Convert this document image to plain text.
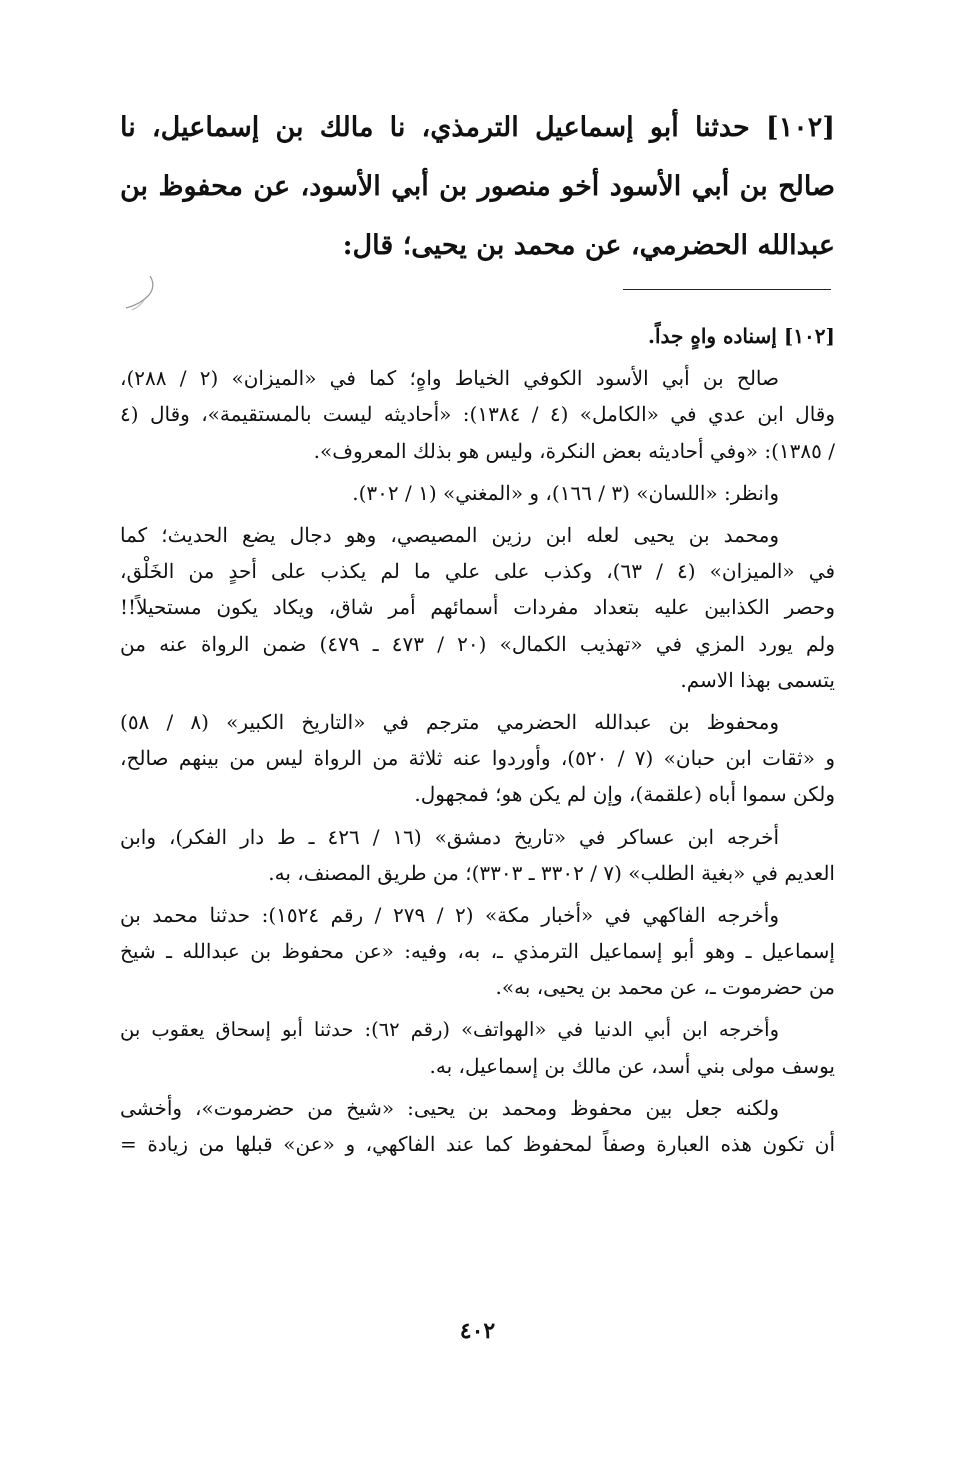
[١٠٢] حدثنا أبو إسماعيل الترمذي، نا مالك بن إسماعيل، نا
صالح بن أبي الأسود أخو منصور بن أبي الأسود، عن محفوظ بن
عبدالله الحضرمي، عن محمد بن يحيى؛ قال:

[١٠٢] إسناده واهٍ جداً.

صالح بن أبي الأسود الكوفي الخياط واهٍ؛ كما في «الميزان» (٢ / ٢٨٨)،
وقال ابن عدي في «الكامل» (٤ / ١٣٨٤): «أحاديثه ليست بالمستقيمة»، وقال (٤
/ ١٣٨٥): «وفي أحاديثه بعض النكرة، وليس هو بذلك المعروف».

وانظر: «اللسان» (٣ / ١٦٦)، و «المغني» (١ / ٣٠٢).

ومحمد بن يحيى لعله ابن رزين المصيصي، وهو دجال يضع الحديث؛ كما
في «الميزان» (٤ / ٦٣)، وكذب على علي ما لم يكذب على أحدٍ من الخَلْق،
وحصر الكذابين عليه بتعداد مفردات أسمائهم أمر شاق، ويكاد يكون مستحيلاً!!
ولم يورد المزي في «تهذيب الكمال» (٢٠ / ٤٧٣ ـ ٤٧٩) ضمن الرواة عنه من
يتسمى بهذا الاسم.

ومحفوظ بن عبدالله الحضرمي مترجم في «التاريخ الكبير» (٨ / ٥٨)
و «ثقات ابن حبان» (٧ / ٥٢٠)، وأوردوا عنه ثلاثة من الرواة ليس من بينهم صالح،
ولكن سموا أباه (علقمة)، وإن لم يكن هو؛ فمجهول.

أخرجه ابن عساكر في «تاريخ دمشق» (١٦ / ٤٢٦ ـ ط دار الفكر)، وابن
العديم في «بغية الطلب» (٧ / ٣٣٠٢ ـ ٣٣٠٣)؛ من طريق المصنف، به.

وأخرجه الفاكهي في «أخبار مكة» (٢ / ٢٧٩ / رقم ١٥٢٤): حدثنا محمد بن
إسماعيل ـ وهو أبو إسماعيل الترمذي ـ، به، وفيه: «عن محفوظ بن عبدالله ـ شيخ
من حضرموت ـ، عن محمد بن يحيى، به».

وأخرجه ابن أبي الدنيا في «الهواتف» (رقم ٦٢): حدثنا أبو إسحاق يعقوب بن
يوسف مولى بني أسد، عن مالك بن إسماعيل، به.

ولكنه جعل بين محفوظ ومحمد بن يحيى: «شيخ من حضرموت»، وأخشى
أن تكون هذه العبارة وصفاً لمحفوظ كما عند الفاكهي، و «عن» قبلها من زيادة =

٤٠٢
